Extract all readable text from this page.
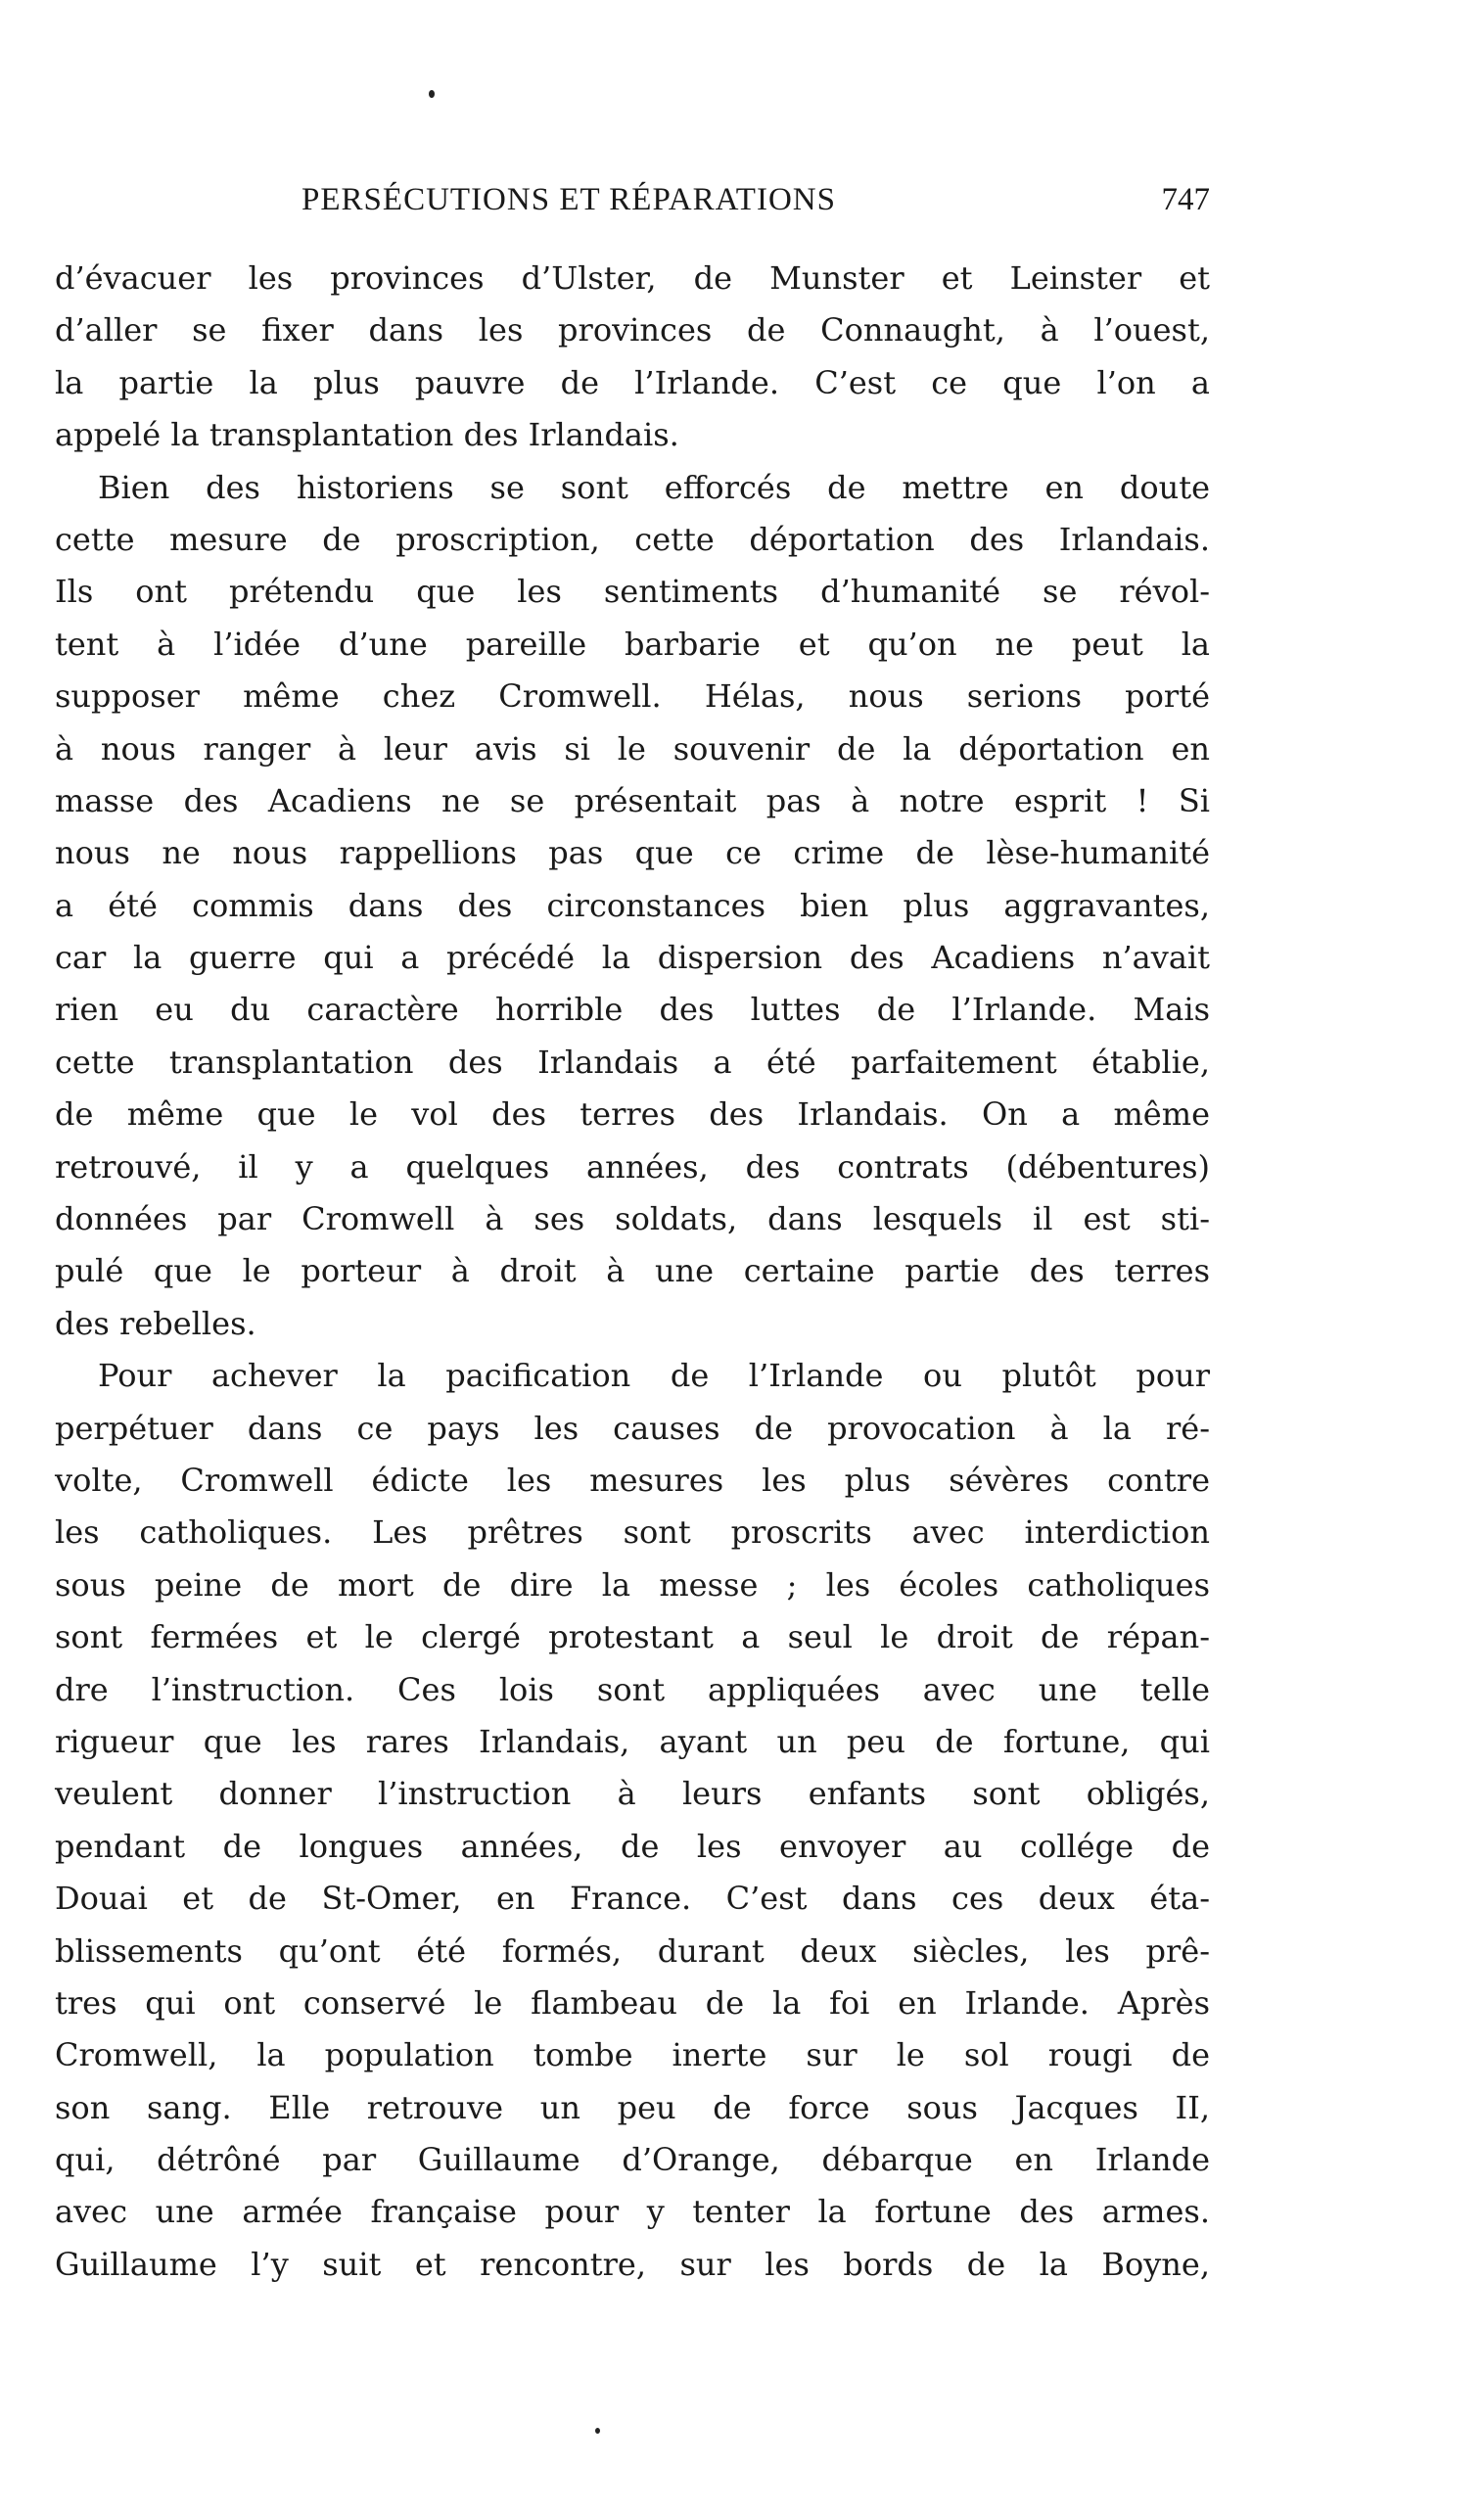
PERSÉCUTIONS ET RÉPARATIONS	747
d’évacuer les provinces d’Ulster, de Munster et Leinster et
d’aller se fixer dans les provinces de Connaught, à l’ouest,
la partie la plus pauvre de l’Irlande. C’est ce que l’on a
appelé la transplantation des Irlandais.
Bien des historiens se sont efforcés de mettre en doute
cette mesure de proscription, cette déportation des Irlandais.
Ils ont prétendu que les sentiments d’humanité se révol-
tent à l’idée d’une pareille barbarie et qu’on ne peut la
supposer même chez Cromwell. Hélas, nous serions porté
à nous ranger à leur avis si le souvenir de la déportation en
masse des Acadiens ne se présentait pas à notre esprit ! Si
nous ne nous rappellions pas que ce crime de lèse-humanité
a été commis dans des circonstances bien plus aggravantes,
car la guerre qui a précédé la dispersion des Acadiens n’avait
rien eu du caractère horrible des luttes de l’Irlande. Mais
cette transplantation des Irlandais a été parfaitement établie,
de même que le vol des terres des Irlandais. On a même
retrouvé, il y a quelques années, des contrats (débentures)
données par Cromwell à ses soldats, dans lesquels il est sti-
pulé que le porteur à droit à une certaine partie des terres
des rebelles.
Pour achever la pacification de l’Irlande ou plutôt pour
perpétuer dans ce pays les causes de provocation à la ré-
volte, Cromwell édicte les mesures les plus sévères contre
les catholiques. Les prêtres sont proscrits avec interdiction
sous peine de mort de dire la messe ; les écoles catholiques
sont fermées et le clergé protestant a seul le droit de répan-
dre l’instruction. Ces lois sont appliquées avec une telle
rigueur que les rares Irlandais, ayant un peu de fortune, qui
veulent donner l’instruction à leurs enfants sont obligés,
pendant de longues années, de les envoyer au collége de
Douai et de St-Omer, en France. C’est dans ces deux éta-
blissements qu’ont été formés, durant deux siècles, les prê-
tres qui ont conservé le flambeau de la foi en Irlande. Après
Cromwell, la population tombe inerte sur le sol rougi de
son sang. Elle retrouve un peu de force sous Jacques II,
qui, détrôné par Guillaume d’Orange, débarque en Irlande
avec une armée française pour y tenter la fortune des armes.
Guillaume l’y suit et rencontre, sur les bords de la Boyne,
